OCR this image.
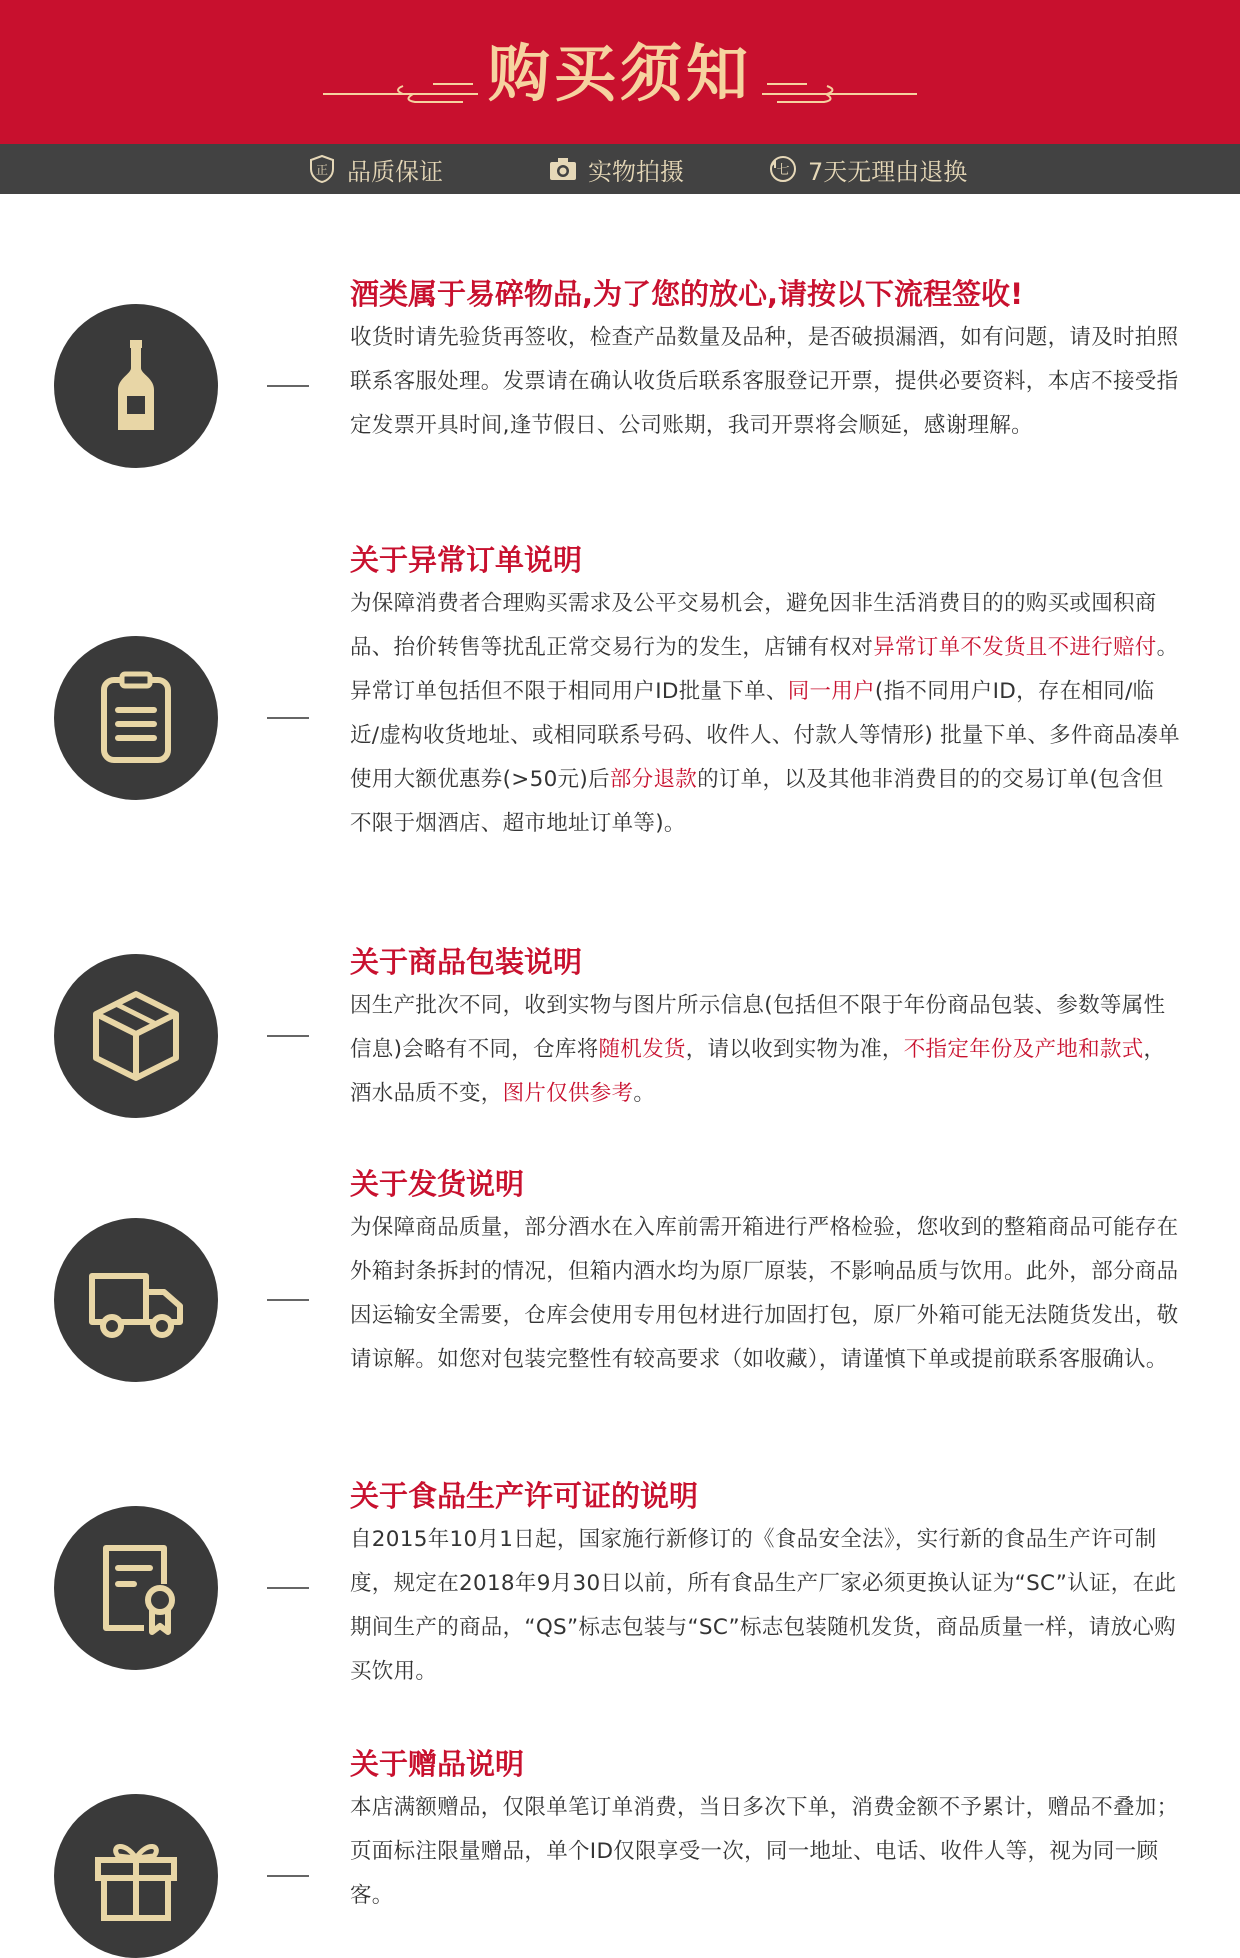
购买须知
正 品质保证	实物拍摄	七 7天无理由退换
酒类属于易碎物品,为了您的放心,请按以下流程签收!

收货时请先验货再签收，检查产品数量及品种，是否破损漏酒，如有问题，请及时拍照联系客服处理。发票请在确认收货后联系客服登记开票，提供必要资料，本店不接受指定发票开具时间,逢节假日、公司账期，我司开票将会顺延，感谢理解。

关于异常订单说明

为保障消费者合理购买需求及公平交易机会，避免因非生活消费目的的购买或囤积商品、抬价转售等扰乱正常交易行为的发生，店铺有权对异常订单不发货且不进行赔付。异常订单包括但不限于相同用户ID批量下单、同一用户(指不同用户ID，存在相同/临近/虚构收货地址、或相同联系号码、收件人、付款人等情形) 批量下单、多件商品凑单使用大额优惠券(>50元)后部分退款的订单，以及其他非消费目的的交易订单(包含但不限于烟酒店、超市地址订单等)。

关于商品包装说明

因生产批次不同，收到实物与图片所示信息(包括但不限于年份商品包装、参数等属性信息)会略有不同，仓库将随机发货，请以收到实物为准，不指定年份及产地和款式，酒水品质不变，图片仅供参考。

关于发货说明

为保障商品质量，部分酒水在入库前需开箱进行严格检验，您收到的整箱商品可能存在外箱封条拆封的情况，但箱内酒水均为原厂原装，不影响品质与饮用。此外，部分商品因运输安全需要，仓库会使用专用包材进行加固打包，原厂外箱可能无法随货发出，敬请谅解。如您对包装完整性有较高要求（如收藏），请谨慎下单或提前联系客服确认。

关于食品生产许可证的说明

自2015年10月1日起，国家施行新修订的《食品安全法》，实行新的食品生产许可制度，规定在2018年9月30日以前，所有食品生产厂家必须更换认证为“SC”认证，在此期间生产的商品，“QS”标志包装与“SC”标志包装随机发货，商品质量一样，请放心购买饮用。

关于赠品说明

本店满额赠品，仅限单笔订单消费，当日多次下单，消费金额不予累计，赠品不叠加；页面标注限量赠品，单个ID仅限享受一次，同一地址、电话、收件人等，视为同一顾客。
